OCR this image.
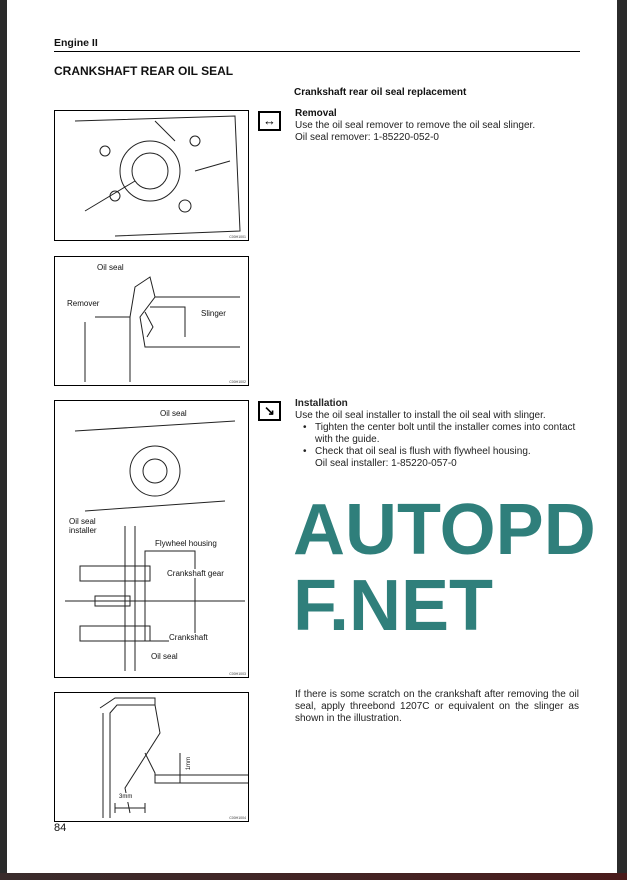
Engine II
CRANKSHAFT REAR OIL SEAL
Crankshaft rear oil seal replacement
C00H1001
Oil seal
Remover
Slinger
C00H1002
Oil seal
Oil seal installer
Flywheel housing
Crankshaft gear
Crankshaft
Oil seal
C00H1003
1mm
3mm
C00H1004
↔	Removal
Use the oil seal remover to remove the oil seal slinger.
Oil seal remover: 1-85220-052-0
↘	Installation
Use the oil seal installer to install the oil seal with slinger.
• Tighten the center bolt until the installer comes into contact with the guide.
• Check that oil seal is flush with flywheel housing.
Oil seal installer: 1-85220-057-0
AUTOPDF.NET
If there is some scratch on the crankshaft after removing the oil seal, apply threebond 1207C or equivalent on the slinger as shown in the illustration.
84
